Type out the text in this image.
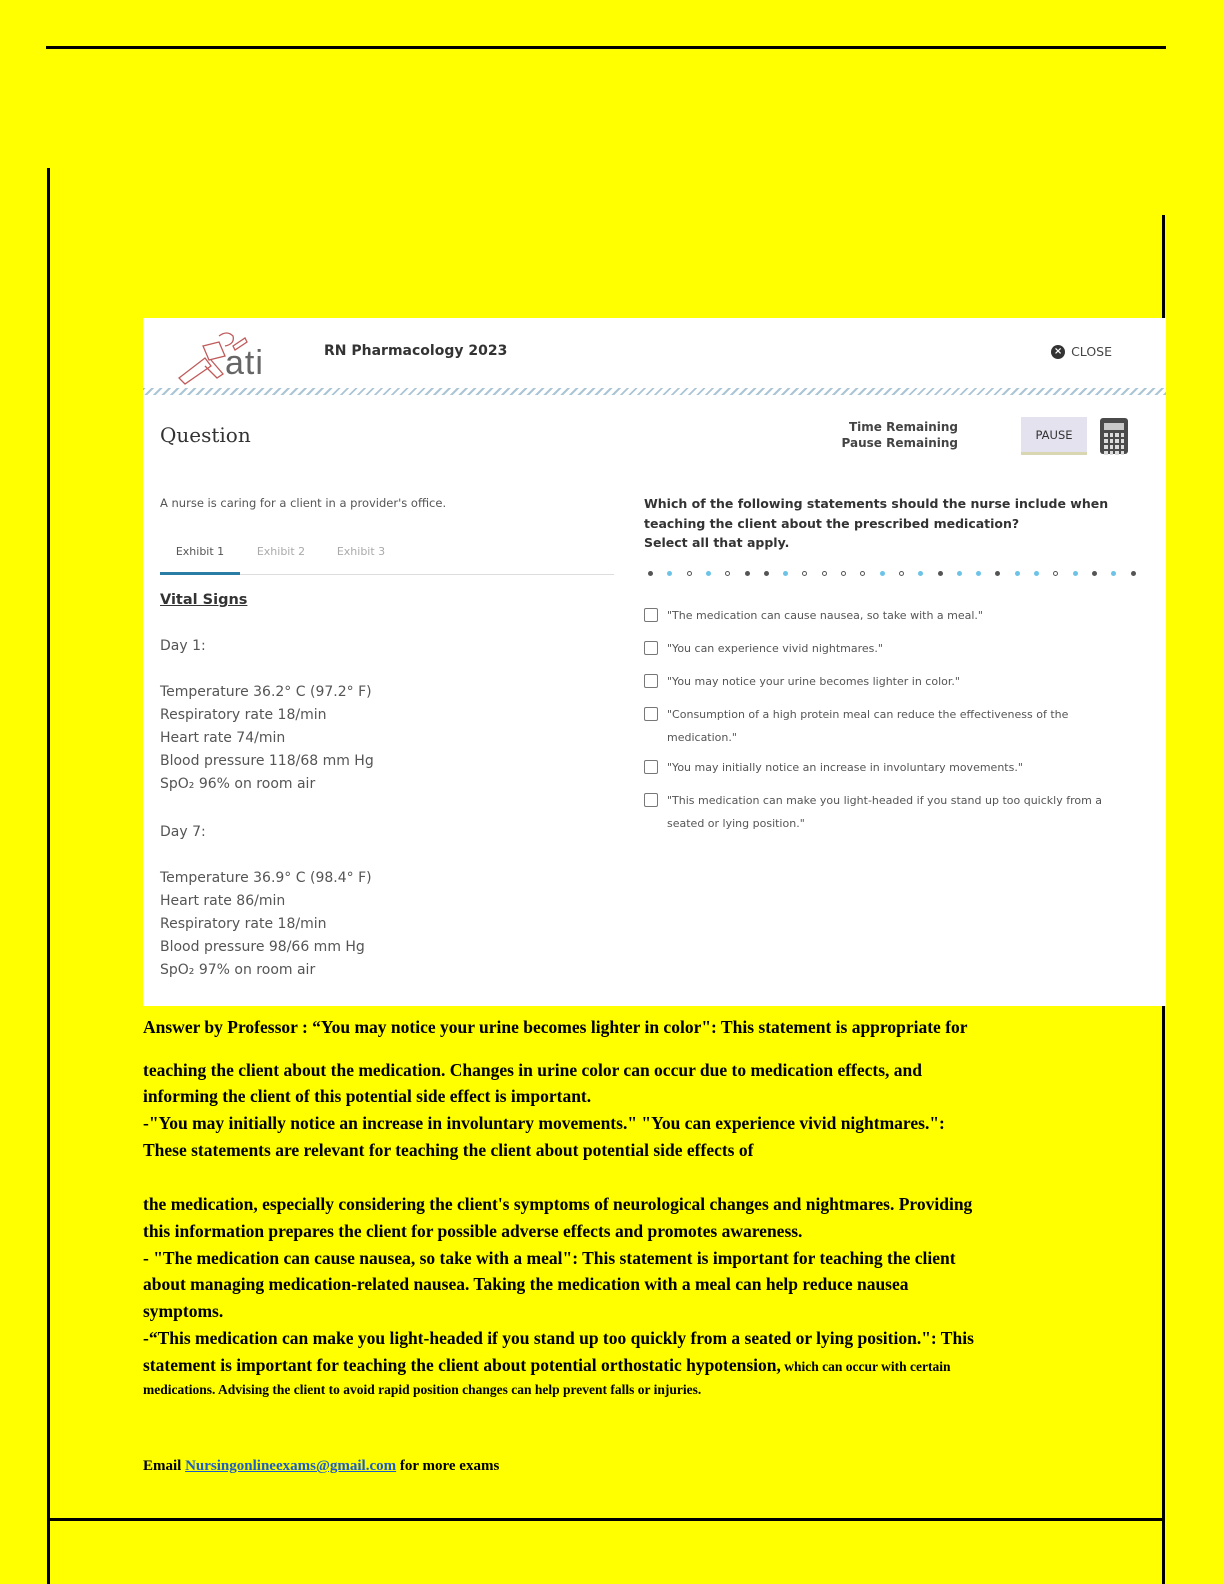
ati	RN Pharmacology 2023	× CLOSE
Question	Time Remaining
Pause Remaining
PAUSE
A nurse is caring for a client in a provider's office.
Exhibit 1	Exhibit 2	Exhibit 3
Vital Signs
Day 1:
Temperature 36.2° C (97.2° F)
Respiratory rate 18/min
Heart rate 74/min
Blood pressure 118/68 mm Hg
SpO₂ 96% on room air
Day 7:
Temperature 36.9° C (98.4° F)
Heart rate 86/min
Respiratory rate 18/min
Blood pressure 98/66 mm Hg
SpO₂ 97% on room air
Which of the following statements should the nurse include when
teaching the client about the prescribed medication?
Select all that apply.
"The medication can cause nausea, so take with a meal."
"You can experience vivid nightmares."
"You may notice your urine becomes lighter in color."
"Consumption of a high protein meal can reduce the effectiveness of the
medication."
"You may initially notice an increase in involuntary movements."
"This medication can make you light-headed if you stand up too quickly from a
seated or lying position."
Answer by Professor : “You may notice your urine becomes lighter in color": This statement is appropriate for
teaching the client about the medication. Changes in urine color can occur due to medication effects, and
informing the client of this potential side effect is important.
-"You may initially notice an increase in involuntary movements." "You can experience vivid nightmares.":
These statements are relevant for teaching the client about potential side effects of
the medication, especially considering the client's symptoms of neurological changes and nightmares. Providing
this information prepares the client for possible adverse effects and promotes awareness.
- "The medication can cause nausea, so take with a meal": This statement is important for teaching the client
about managing medication-related nausea. Taking the medication with a meal can help reduce nausea
symptoms.
-“This medication can make you light-headed if you stand up too quickly from a seated or lying position.": This
statement is important for teaching the client about potential orthostatic hypotension, which can occur with certain
medications. Advising the client to avoid rapid position changes can help prevent falls or injuries.
Email Nursingonlineexams@gmail.com for more exams
